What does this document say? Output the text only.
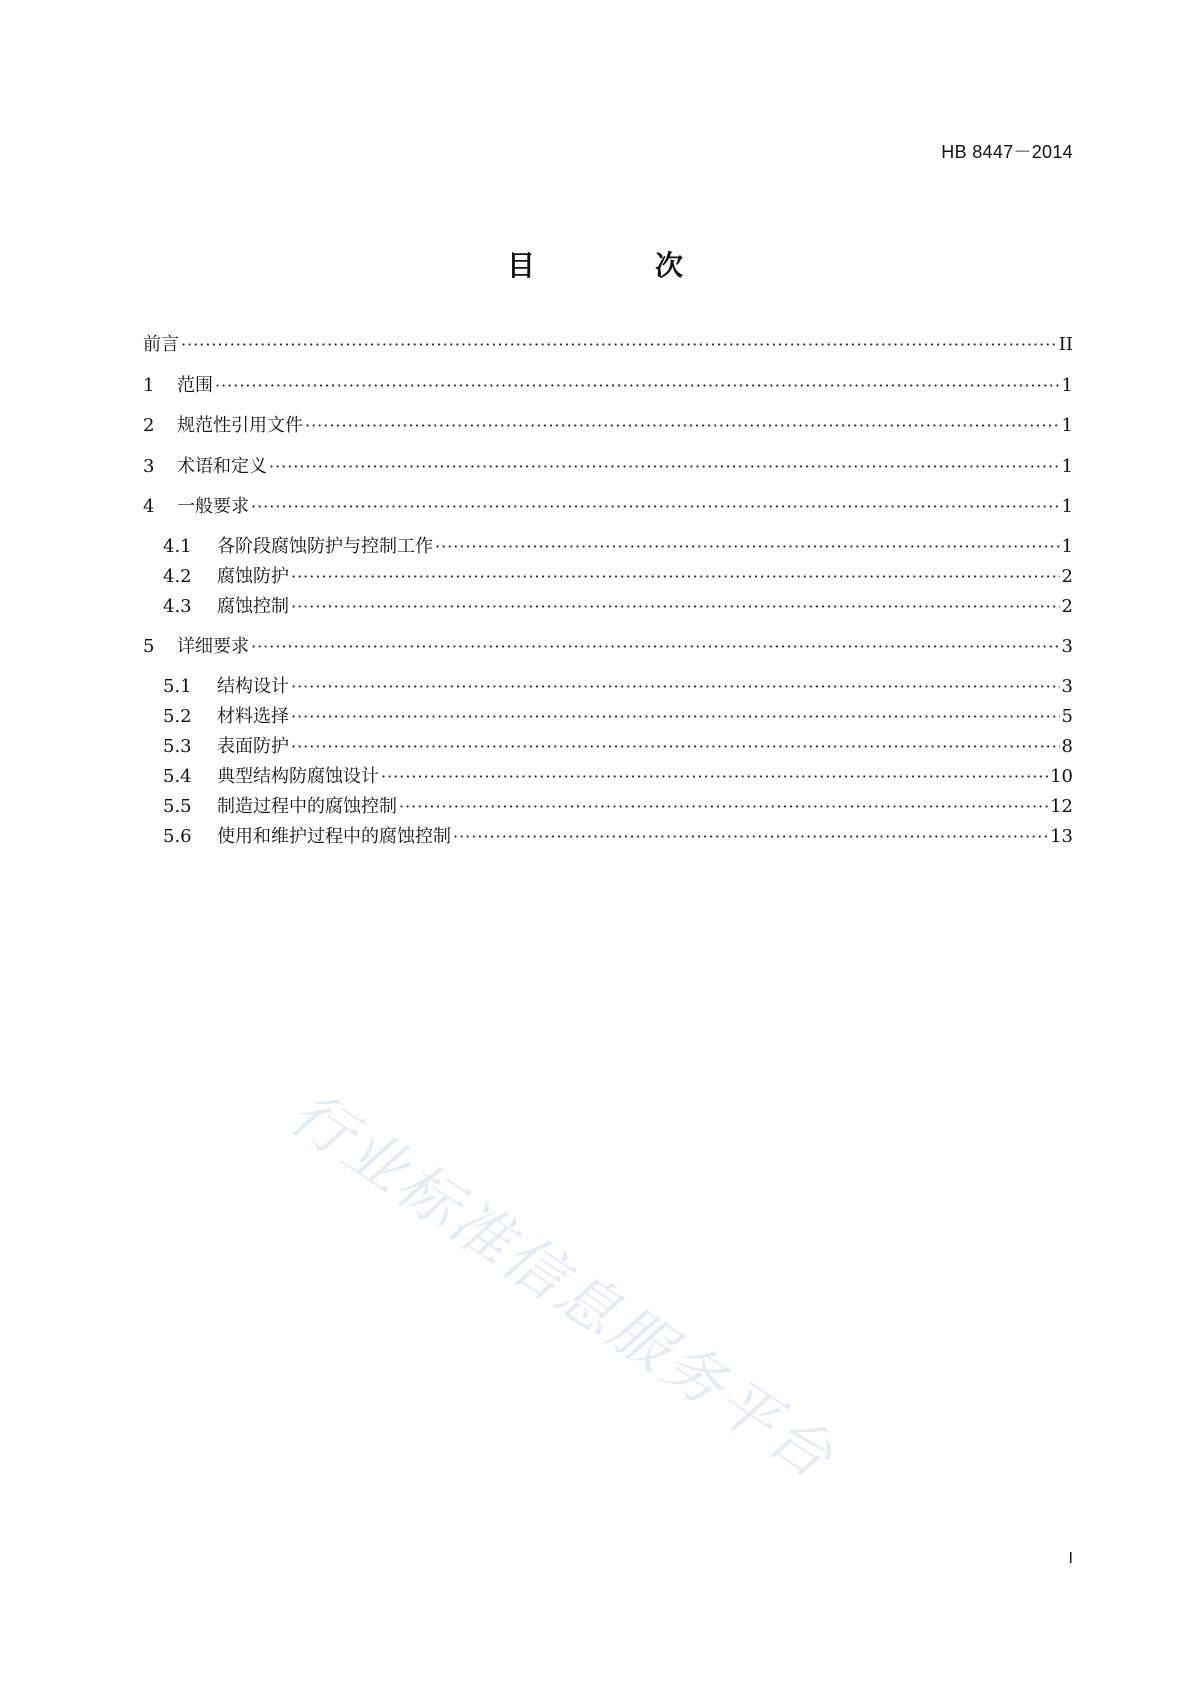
HB 8447－2014
目　次
前言 ·····	II
1	范围 ·····	1
2	规范性引用文件 ·····	1
3	术语和定义 ·····	1
4	一般要求 ·····	1
4.1	各阶段腐蚀防护与控制工作 ·····	1
4.2	腐蚀防护 ·····	2
4.3	腐蚀控制 ·····	2
5	详细要求 ·····	3
5.1	结构设计 ·····	3
5.2	材料选择 ·····	5
5.3	表面防护 ·····	8
5.4	典型结构防腐蚀设计 ·····	10
5.5	制造过程中的腐蚀控制 ·····	12
5.6	使用和维护过程中的腐蚀控制 ·····	13
行业标准信息服务平台
I
